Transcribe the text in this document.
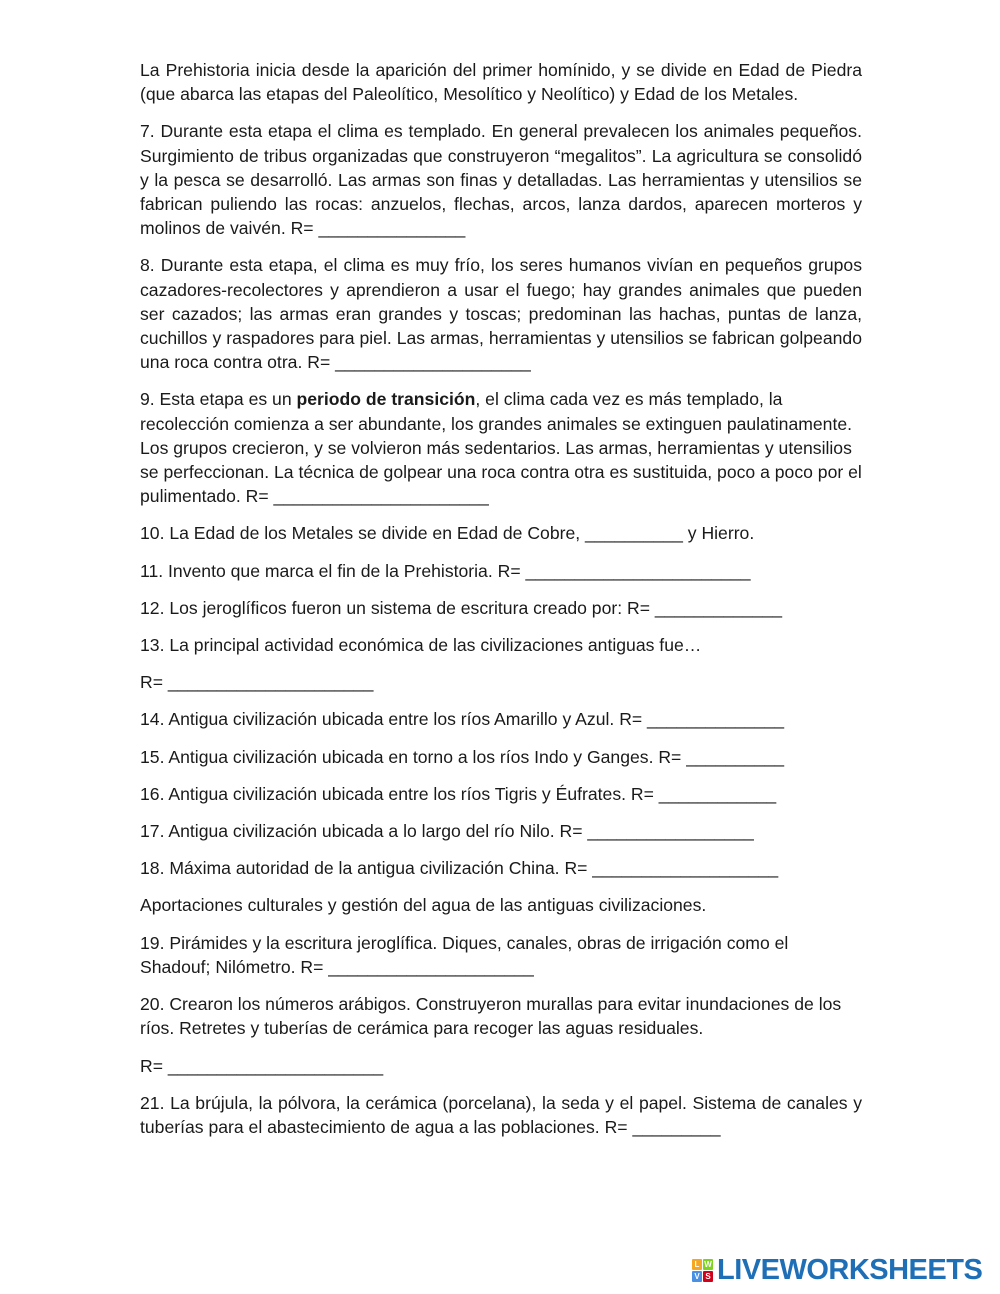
La Prehistoria inicia desde la aparición del primer homínido, y se divide en Edad de Piedra (que abarca las etapas del Paleolítico, Mesolítico y Neolítico) y Edad de los Metales.

7. Durante esta etapa el clima es templado. En general prevalecen los animales pequeños. Surgimiento de tribus organizadas que construyeron “megalitos”. La agricultura se consolidó y la pesca se desarrolló. Las armas son finas y detalladas. Las herramientas y utensilios se fabrican puliendo las rocas: anzuelos, flechas, arcos, lanza dardos, aparecen morteros y molinos de vaivén. R= _______________

8. Durante esta etapa, el clima es muy frío, los seres humanos vivían en pequeños grupos cazadores-recolectores y aprendieron a usar el fuego; hay grandes animales que pueden ser cazados; las armas eran grandes y toscas; predominan las hachas, puntas de lanza, cuchillos y raspadores para piel. Las armas, herramientas y utensilios se fabrican golpeando una roca contra otra. R= ____________________

9. Esta etapa es un periodo de transición, el clima cada vez es más templado, la recolección comienza a ser abundante, los grandes animales se extinguen paulatinamente. Los grupos crecieron, y se volvieron más sedentarios. Las armas, herramientas y utensilios se perfeccionan. La técnica de golpear una roca contra otra es sustituida, poco a poco por el pulimentado. R= ______________________

10. La Edad de los Metales se divide en Edad de Cobre, __________ y Hierro.

11. Invento que marca el fin de la Prehistoria. R= _______________________

12. Los jeroglíficos fueron un sistema de escritura creado por: R= _____________

13. La principal actividad económica de las civilizaciones antiguas fue…

R= _____________________

14. Antigua civilización ubicada entre los ríos Amarillo y Azul. R= ______________

15. Antigua civilización ubicada en torno a los ríos Indo y Ganges. R= __________

16. Antigua civilización ubicada entre los ríos Tigris y Éufrates. R= ____________

17. Antigua civilización ubicada a lo largo del río Nilo. R= _________________

18. Máxima autoridad de la antigua civilización China. R= ___________________

Aportaciones culturales y gestión del agua de las antiguas civilizaciones.

19. Pirámides y la escritura jeroglífica. Diques, canales, obras de irrigación como el Shadouf; Nilómetro. R= _____________________

20. Crearon los números arábigos. Construyeron murallas para evitar inundaciones de los ríos. Retretes y tuberías de cerámica para recoger las aguas residuales.

R= ______________________

21. La brújula, la pólvora, la cerámica (porcelana), la seda y el papel. Sistema de canales y tuberías para el abastecimiento de agua a las poblaciones. R= _________

L W
V S LIVEWORKSHEETS
